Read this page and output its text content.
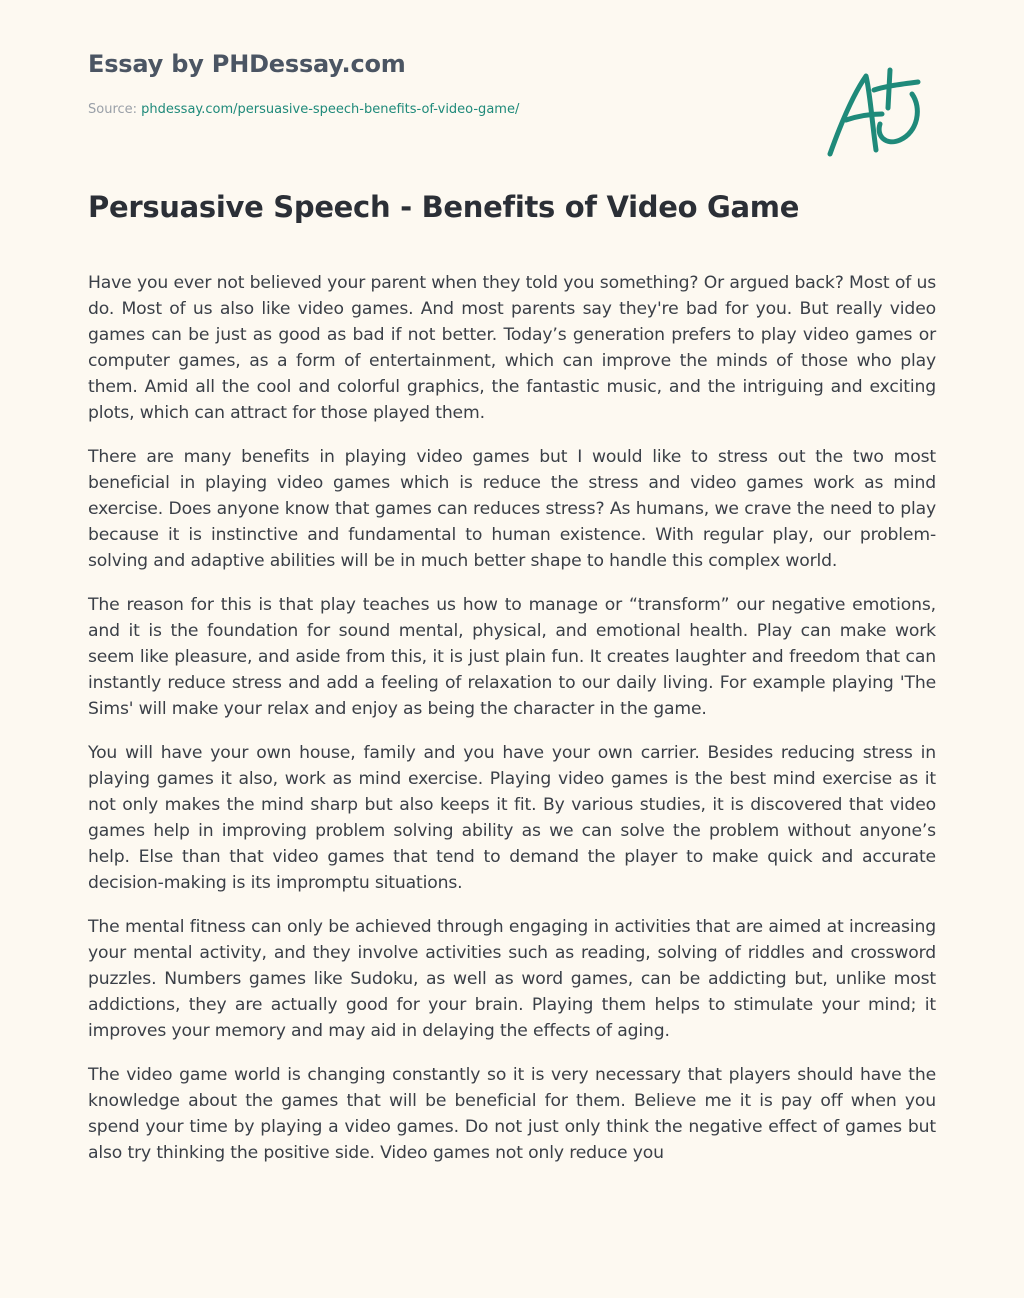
Essay by PHDessay.com
Source: phdessay.com/persuasive-speech-benefits-of-video-game/
Persuasive Speech - Benefits of Video Game

Have you ever not believed your parent when they told you something? Or argued back? Most of us do. Most of us also like video games. And most parents say they're bad for you. But really video games can be just as good as bad if not better. Today’s generation prefers to play video games or computer games, as a form of entertainment, which can improve the minds of those who play them. Amid all the cool and colorful graphics, the fantastic music, and the intriguing and exciting plots, which can attract for those played them.

There are many benefits in playing video games but I would like to stress out the two most beneficial in playing video games which is reduce the stress and video games work as mind exercise. Does anyone know that games can reduces stress? As humans, we crave the need to play because it is instinctive and fundamental to human existence. With regular play, our problem-solving and adaptive abilities will be in much better shape to handle this complex world.

The reason for this is that play teaches us how to manage or “transform” our negative emotions, and it is the foundation for sound mental, physical, and emotional health. Play can make work seem like pleasure, and aside from this, it is just plain fun. It creates laughter and freedom that can instantly reduce stress and add a feeling of relaxation to our daily living. For example playing 'The Sims' will make your relax and enjoy as being the character in the game.

You will have your own house, family and you have your own carrier. Besides reducing stress in playing games it also, work as mind exercise. Playing video games is the best mind exercise as it not only makes the mind sharp but also keeps it fit. By various studies, it is discovered that video games help in improving problem solving ability as we can solve the problem without anyone’s help. Else than that video games that tend to demand the player to make quick and accurate decision-making is its impromptu situations.

The mental fitness can only be achieved through engaging in activities that are aimed at increasing your mental activity, and they involve activities such as reading, solving of riddles and crossword puzzles. Numbers games like Sudoku, as well as word games, can be addicting but, unlike most addictions, they are actually good for your brain. Playing them helps to stimulate your mind; it improves your memory and may aid in delaying the effects of aging.

The video game world is changing constantly so it is very necessary that players should have the knowledge about the games that will be beneficial for them. Believe me it is pay off when you spend your time by playing a video games. Do not just only think the negative effect of games but also try thinking the positive side. Video games not only reduce you
